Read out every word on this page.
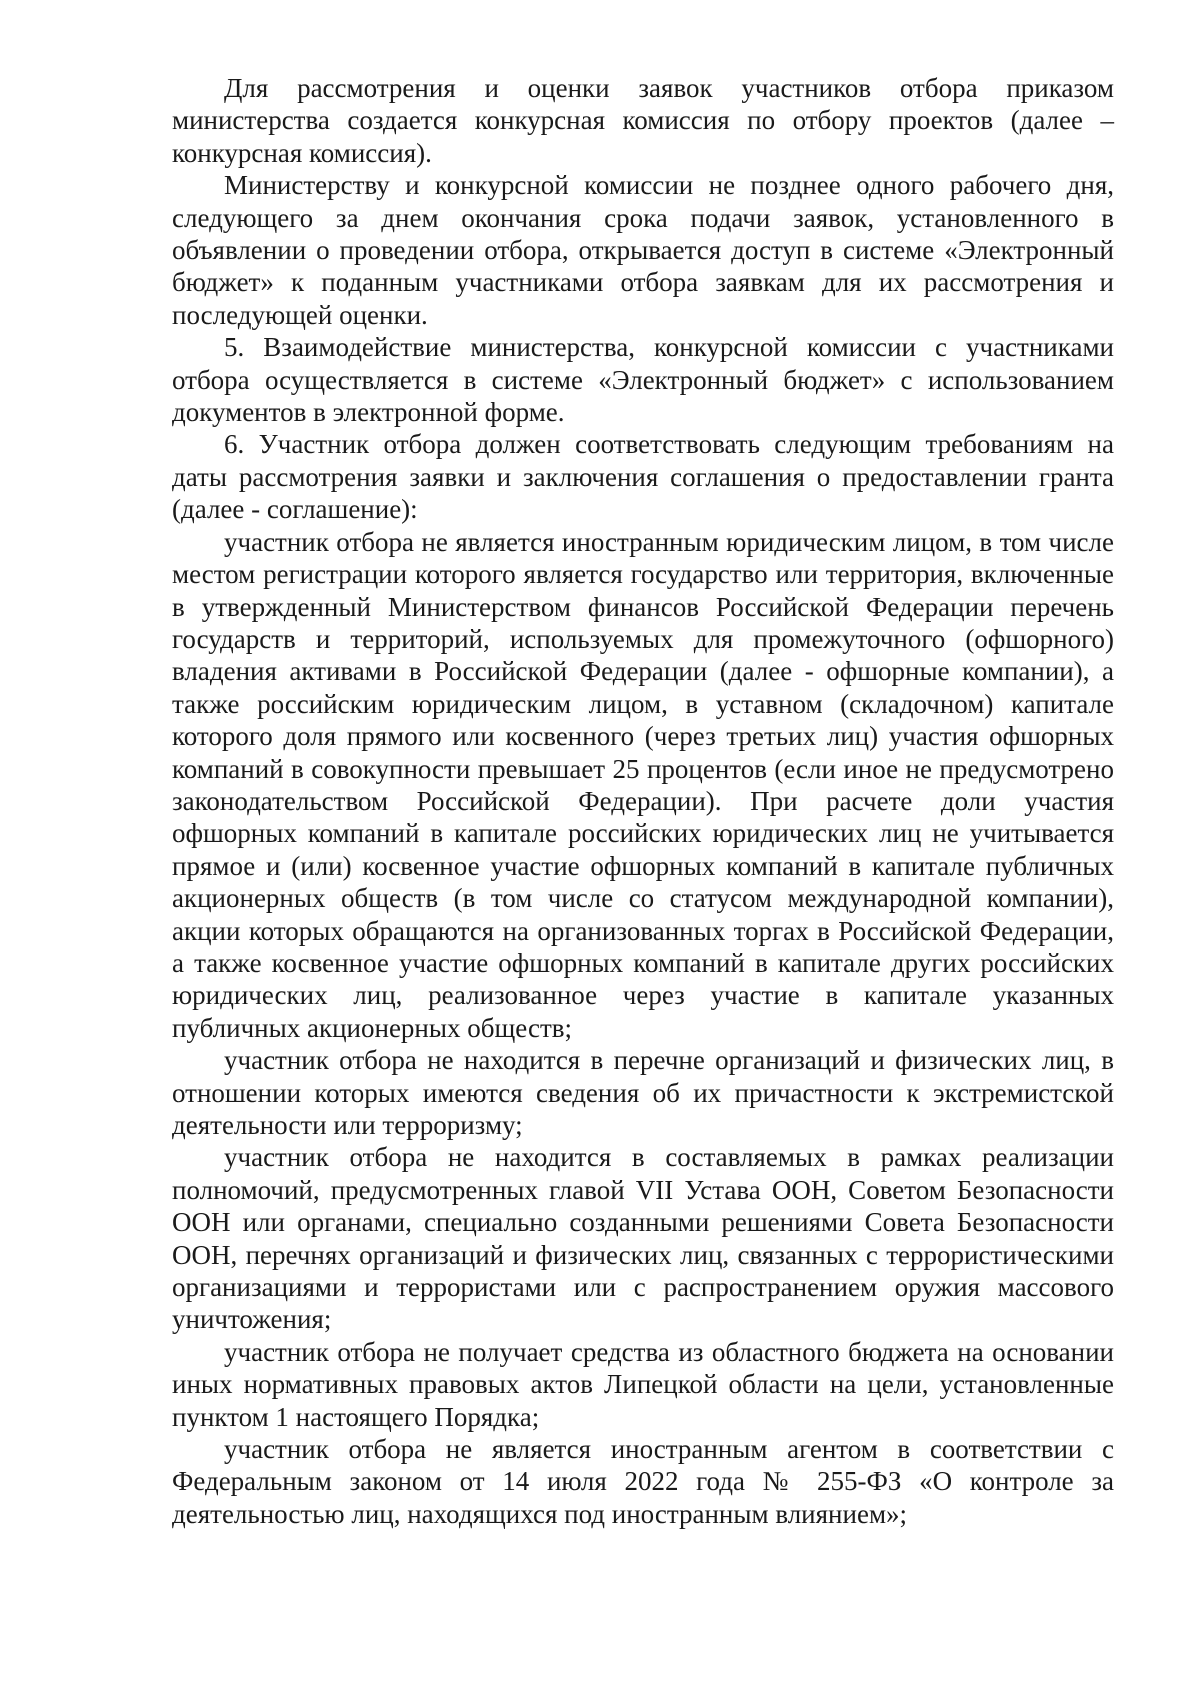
Для рассмотрения и оценки заявок участников отбора приказом министерства создается конкурсная комиссия по отбору проектов (далее – конкурсная комиссия).

Министерству и конкурсной комиссии не позднее одного рабочего дня, следующего за днем окончания срока подачи заявок, установленного в объявлении о проведении отбора, открывается доступ в системе «Электронный бюджет» к поданным участниками отбора заявкам для их рассмотрения и последующей оценки.

5. Взаимодействие министерства, конкурсной комиссии с участниками отбора осуществляется в системе «Электронный бюджет» с использованием документов в электронной форме.

6. Участник отбора должен соответствовать следующим требованиям на даты рассмотрения заявки и заключения соглашения о предоставлении гранта (далее - соглашение):

участник отбора не является иностранным юридическим лицом, в том числе местом регистрации которого является государство или территория, включенные в утвержденный Министерством финансов Российской Федерации перечень государств и территорий, используемых для промежуточного (офшорного) владения активами в Российской Федерации (далее - офшорные компании), а также российским юридическим лицом, в уставном (складочном) капитале которого доля прямого или косвенного (через третьих лиц) участия офшорных компаний в совокупности превышает 25 процентов (если иное не предусмотрено законодательством Российской Федерации). При расчете доли участия офшорных компаний в капитале российских юридических лиц не учитывается прямое и (или) косвенное участие офшорных компаний в капитале публичных акционерных обществ (в том числе со статусом международной компании), акции которых обращаются на организованных торгах в Российской Федерации, а также косвенное участие офшорных компаний в капитале других российских юридических лиц, реализованное через участие в капитале указанных публичных акционерных обществ;

участник отбора не находится в перечне организаций и физических лиц, в отношении которых имеются сведения об их причастности к экстремистской деятельности или терроризму;

участник отбора не находится в составляемых в рамках реализации полномочий, предусмотренных главой VII Устава ООН, Советом Безопасности ООН или органами, специально созданными решениями Совета Безопасности ООН, перечнях организаций и физических лиц, связанных с террористическими организациями и террористами или с распространением оружия массового уничтожения;

участник отбора не получает средства из областного бюджета на основании иных нормативных правовых актов Липецкой области на цели, установленные пунктом 1 настоящего Порядка;

участник отбора не является иностранным агентом в соответствии с Федеральным законом от 14 июля 2022 года № 255-ФЗ «О контроле за деятельностью лиц, находящихся под иностранным влиянием»;
